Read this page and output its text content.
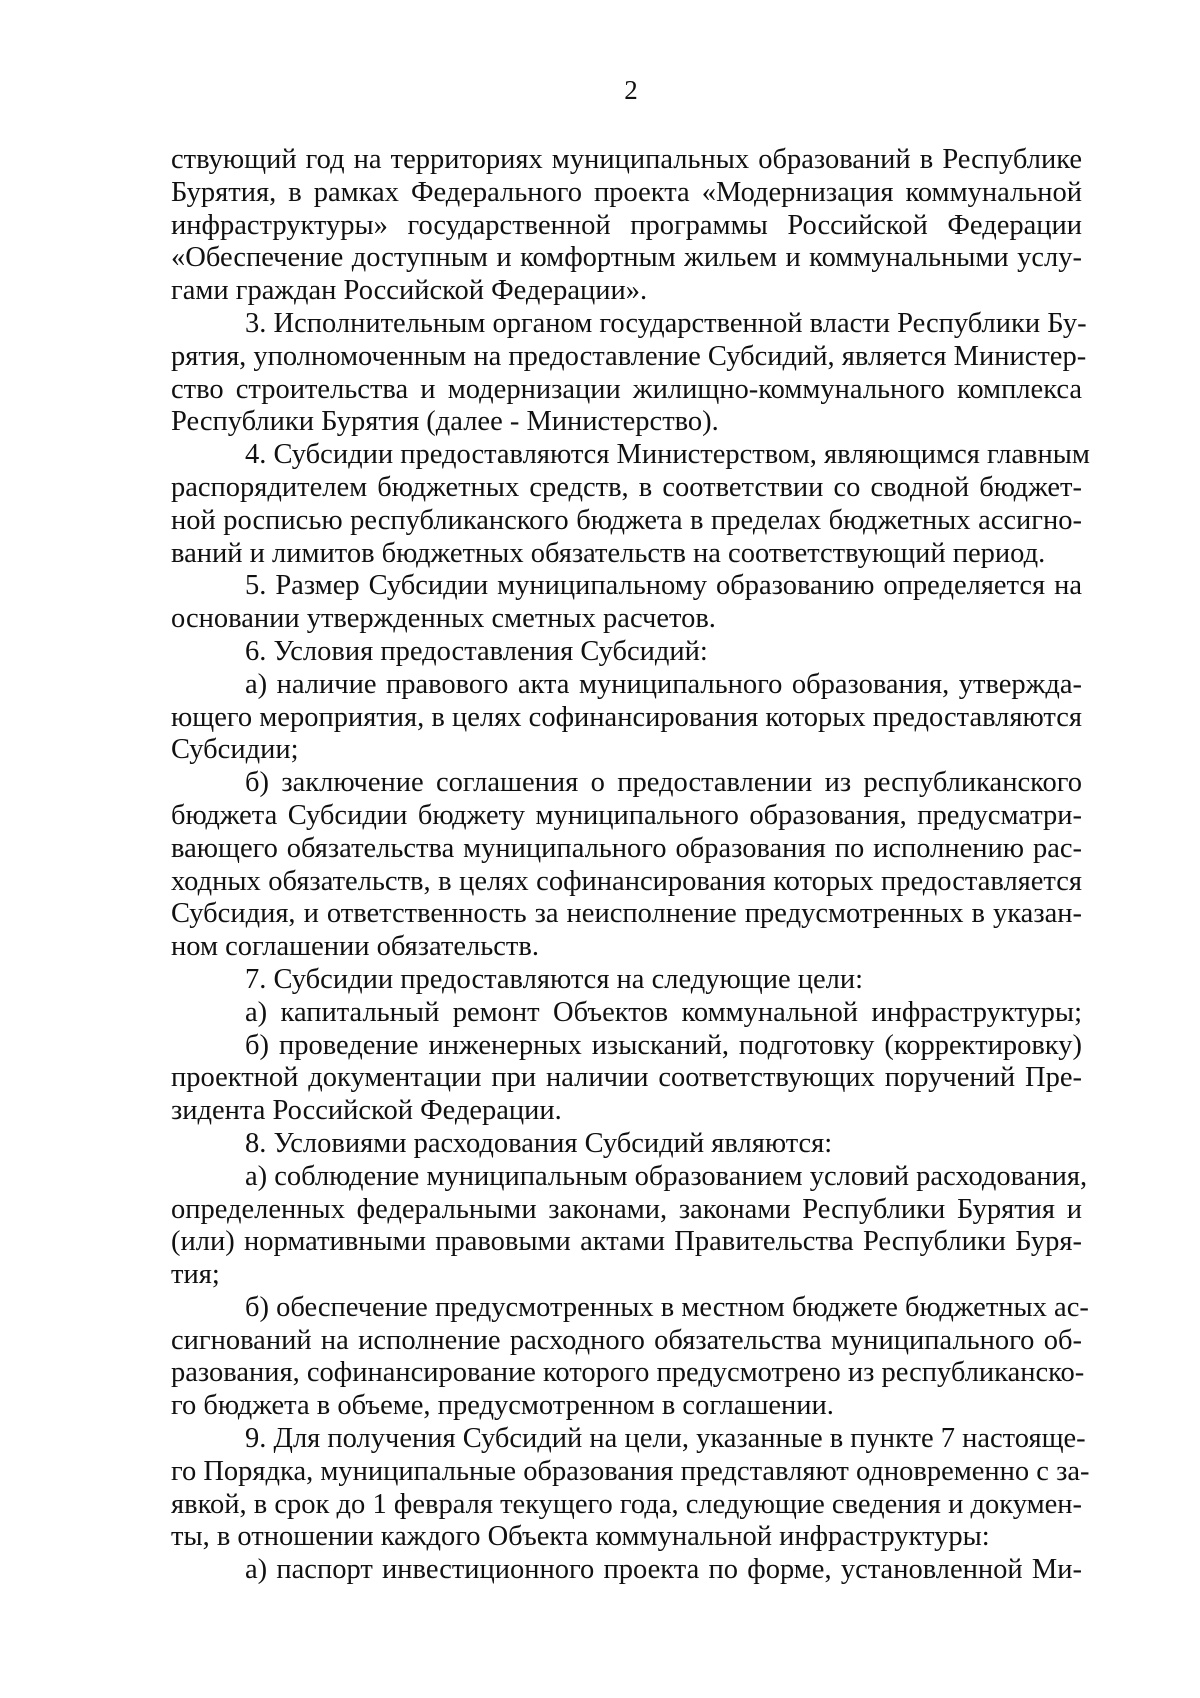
2
ствующий год на территориях муниципальных образований в Республике
Бурятия, в рамках Федерального проекта «Модернизация коммунальной
инфраструктуры» государственной программы Российской Федерации
«Обеспечение доступным и комфортным жильем и коммунальными услу-
гами граждан Российской Федерации».
3. Исполнительным органом государственной власти Республики Бу-
рятия, уполномоченным на предоставление Субсидий, является Министер-
ство строительства и модернизации жилищно-коммунального комплекса
Республики Бурятия (далее - Министерство).
4. Субсидии предоставляются Министерством, являющимся главным
распорядителем бюджетных средств, в соответствии со сводной бюджет-
ной росписью республиканского бюджета в пределах бюджетных ассигно-
ваний и лимитов бюджетных обязательств на соответствующий период.
5. Размер Субсидии муниципальному образованию определяется на
основании утвержденных сметных расчетов.
6. Условия предоставления Субсидий:
а) наличие правового акта муниципального образования, утвержда-
ющего мероприятия, в целях софинансирования которых предоставляются
Субсидии;
б) заключение соглашения о предоставлении из республиканского
бюджета Субсидии бюджету муниципального образования, предусматри-
вающего обязательства муниципального образования по исполнению рас-
ходных обязательств, в целях софинансирования которых предоставляется
Субсидия, и ответственность за неисполнение предусмотренных в указан-
ном соглашении обязательств.
7. Субсидии предоставляются на следующие цели:
а) капитальный ремонт Объектов коммунальной инфраструктуры;
б) проведение инженерных изысканий, подготовку (корректировку)
проектной документации при наличии соответствующих поручений Пре-
зидента Российской Федерации.
8. Условиями расходования Субсидий являются:
а) соблюдение муниципальным образованием условий расходования,
определенных федеральными законами, законами Республики Бурятия и
(или) нормативными правовыми актами Правительства Республики Буря-
тия;
б) обеспечение предусмотренных в местном бюджете бюджетных ас-
сигнований на исполнение расходного обязательства муниципального об-
разования, софинансирование которого предусмотрено из республиканско-
го бюджета в объеме, предусмотренном в соглашении.
9. Для получения Субсидий на цели, указанные в пункте 7 настояще-
го Порядка, муниципальные образования представляют одновременно с за-
явкой, в срок до 1 февраля текущего года, следующие сведения и докумен-
ты, в отношении каждого Объекта коммунальной инфраструктуры:
а) паспорт инвестиционного проекта по форме, установленной Ми-
